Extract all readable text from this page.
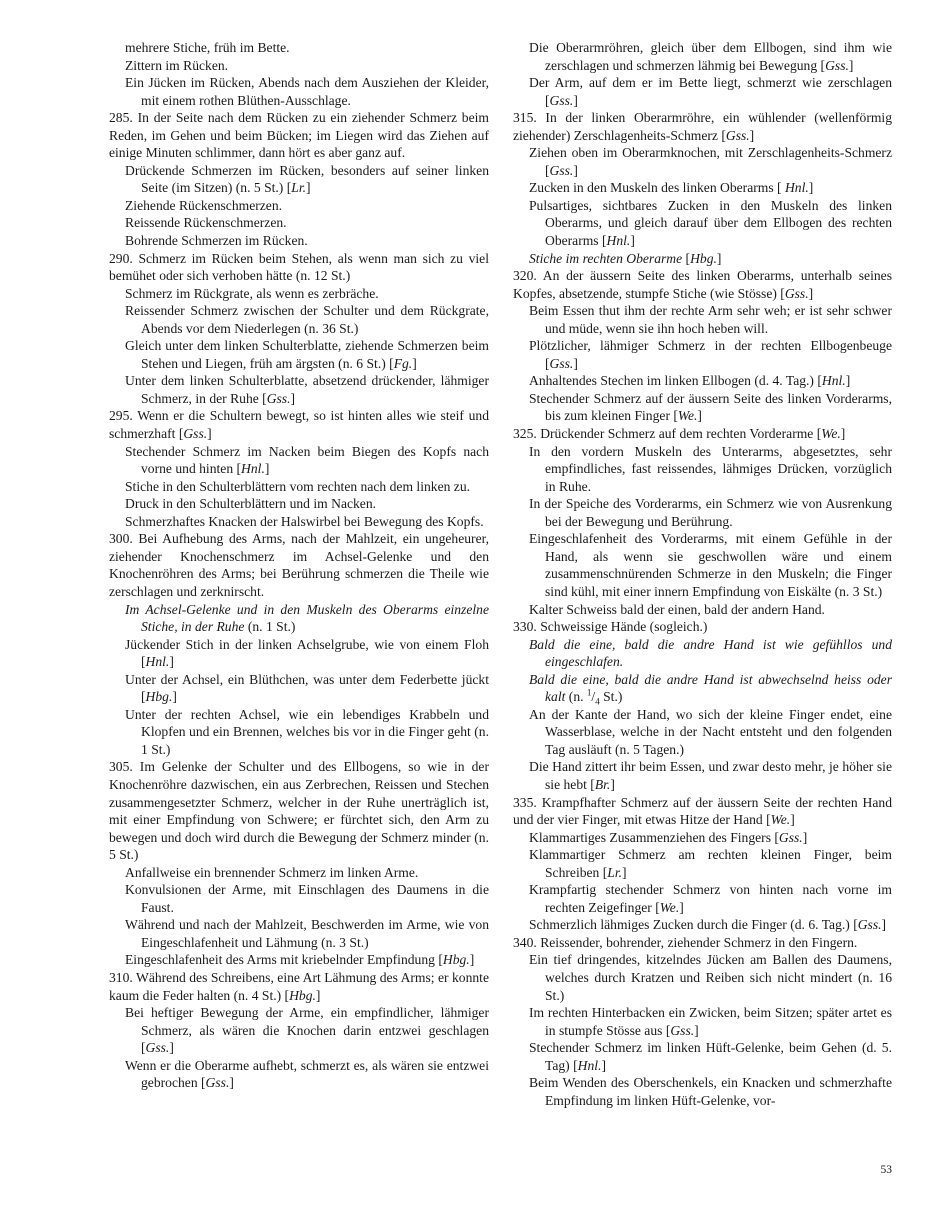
mehrere Stiche, früh im Bette.
Zittern im Rücken.
Ein Jücken im Rücken, Abends nach dem Ausziehen der Kleider, mit einem rothen Blüthen-Ausschlage.
285. In der Seite nach dem Rücken zu ein ziehender Schmerz beim Reden, im Gehen und beim Bücken; im Liegen wird das Ziehen auf einige Minuten schlimmer, dann hört es aber ganz auf.
Drückende Schmerzen im Rücken, besonders auf seiner linken Seite (im Sitzen) (n. 5 St.) [Lr.]
Ziehende Rückenschmerzen.
Reissende Rückenschmerzen.
Bohrende Schmerzen im Rücken.
290. Schmerz im Rücken beim Stehen, als wenn man sich zu viel bemühet oder sich verhoben hätte (n. 12 St.)
Schmerz im Rückgrate, als wenn es zerbräche.
Reissender Schmerz zwischen der Schulter und dem Rückgrate, Abends vor dem Niederlegen (n. 36 St.)
Gleich unter dem linken Schulterblatte, ziehende Schmerzen beim Stehen und Liegen, früh am ärgsten (n. 6 St.) [Fg.]
Unter dem linken Schulterblatte, absetzend drückender, lähmiger Schmerz, in der Ruhe [Gss.]
295. Wenn er die Schultern bewegt, so ist hinten alles wie steif und schmerzhaft [Gss.]
Stechender Schmerz im Nacken beim Biegen des Kopfs nach vorne und hinten [Hnl.]
Stiche in den Schulterblättern vom rechten nach dem linken zu.
Druck in den Schulterblättern und im Nacken.
Schmerzhaftes Knacken der Halswirbel bei Bewegung des Kopfs.
300. Bei Aufhebung des Arms, nach der Mahlzeit, ein ungeheurer, ziehender Knochenschmerz im Achsel-Gelenke und den Knochenröhren des Arms; bei Berührung schmerzen die Theile wie zerschlagen und zerknirscht.
Im Achsel-Gelenke und in den Muskeln des Oberarms einzelne Stiche, in der Ruhe (n. 1 St.)
Jückender Stich in der linken Achselgrube, wie von einem Floh [Hnl.]
Unter der Achsel, ein Blüthchen, was unter dem Federbette jückt [Hbg.]
Unter der rechten Achsel, wie ein lebendiges Krabbeln und Klopfen und ein Brennen, welches bis vor in die Finger geht (n. 1 St.)
305. Im Gelenke der Schulter und des Ellbogens, so wie in der Knochenröhre dazwischen, ein aus Zerbrechen, Reissen und Stechen zusammengesetzter Schmerz, welcher in der Ruhe unerträglich ist, mit einer Empfindung von Schwere; er fürchtet sich, den Arm zu bewegen und doch wird durch die Bewegung der Schmerz minder (n. 5 St.)
Anfallweise ein brennender Schmerz im linken Arme.
Konvulsionen der Arme, mit Einschlagen des Daumens in die Faust.
Während und nach der Mahlzeit, Beschwerden im Arme, wie von Eingeschlafenheit und Lähmung (n. 3 St.)
Eingeschlafenheit des Arms mit kriebelnder Empfindung [Hbg.]
310. Während des Schreibens, eine Art Lähmung des Arms; er konnte kaum die Feder halten (n. 4 St.) [Hbg.]
Bei heftiger Bewegung der Arme, ein empfindlicher, lähmiger Schmerz, als wären die Knochen darin entzwei geschlagen [Gss.]
Wenn er die Oberarme aufhebt, schmerzt es, als wären sie entzwei gebrochen [Gss.]
Die Oberarmröhren, gleich über dem Ellbogen, sind ihm wie zerschlagen und schmerzen lähmig bei Bewegung [Gss.]
Der Arm, auf dem er im Bette liegt, schmerzt wie zerschlagen [Gss.]
315. In der linken Oberarmröhre, ein wühlender (wellenförmig ziehender) Zerschlagenheits-Schmerz [Gss.]
Ziehen oben im Oberarmknochen, mit Zerschlagenheits-Schmerz [Gss.]
Zucken in den Muskeln des linken Oberarms [ Hnl.]
Pulsartiges, sichtbares Zucken in den Muskeln des linken Oberarms, und gleich darauf über dem Ellbogen des rechten Oberarms [Hnl.]
Stiche im rechten Oberarme [Hbg.]
320. An der äussern Seite des linken Oberarms, unterhalb seines Kopfes, absetzende, stumpfe Stiche (wie Stösse) [Gss.]
Beim Essen thut ihm der rechte Arm sehr weh; er ist sehr schwer und müde, wenn sie ihn hoch heben will.
Plötzlicher, lähmiger Schmerz in der rechten Ellbogenbeuge [Gss.]
Anhaltendes Stechen im linken Ellbogen (d. 4. Tag.) [Hnl.]
Stechender Schmerz auf der äussern Seite des linken Vorderarms, bis zum kleinen Finger [We.]
325. Drückender Schmerz auf dem rechten Vorderarme [We.]
In den vordern Muskeln des Unterarms, abgesetztes, sehr empfindliches, fast reissendes, lähmiges Drücken, vorzüglich in Ruhe.
In der Speiche des Vorderarms, ein Schmerz wie von Ausrenkung bei der Bewegung und Berührung.
Eingeschlafenheit des Vorderarms, mit einem Gefühle in der Hand, als wenn sie geschwollen wäre und einem zusammenschnürenden Schmerze in den Muskeln; die Finger sind kühl, mit einer innern Empfindung von Eiskälte (n. 3 St.)
Kalter Schweiss bald der einen, bald der andern Hand.
330. Schweissige Hände (sogleich.)
Bald die eine, bald die andre Hand ist wie gefühllos und eingeschlafen.
Bald die eine, bald die andre Hand ist abwechselnd heiss oder kalt (n. $^1/_4$ St.)
An der Kante der Hand, wo sich der kleine Finger endet, eine Wasserblase, welche in der Nacht entsteht und den folgenden Tag ausläuft (n. 5 Tagen.)
Die Hand zittert ihr beim Essen, und zwar desto mehr, je höher sie sie hebt [Br.]
335. Krampfhafter Schmerz auf der äussern Seite der rechten Hand und der vier Finger, mit etwas Hitze der Hand [We.]
Klammartiges Zusammenziehen des Fingers [Gss.]
Klammartiger Schmerz am rechten kleinen Finger, beim Schreiben [Lr.]
Krampfartig stechender Schmerz von hinten nach vorne im rechten Zeigefinger [We.]
Schmerzlich lähmiges Zucken durch die Finger (d. 6. Tag.) [Gss.]
340. Reissender, bohrender, ziehender Schmerz in den Fingern.
Ein tief dringendes, kitzelndes Jücken am Ballen des Daumens, welches durch Kratzen und Reiben sich nicht mindert (n. 16 St.)
Im rechten Hinterbacken ein Zwicken, beim Sitzen; später artet es in stumpfe Stösse aus [Gss.]
Stechender Schmerz im linken Hüft-Gelenke, beim Gehen (d. 5. Tag) [Hnl.]
Beim Wenden des Oberschenkels, ein Knacken und schmerzhafte Empfindung im linken Hüft-Gelenke, vor-
53
